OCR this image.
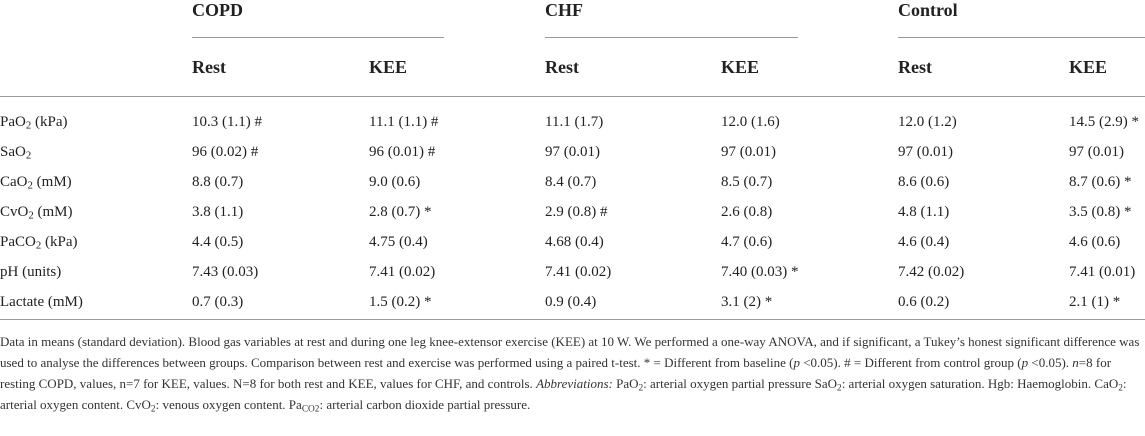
COPD	CHF	Control
Rest	KEE	Rest	KEE	Rest	KEE
PaO$_2$ (kPa)	10.3 (1.1) #	11.1 (1.1) #	11.1 (1.7)	12.0 (1.6)	12.0 (1.2)	14.5 (2.9) *
SaO$_2$	96 (0.02) #	96 (0.01) #	97 (0.01)	97 (0.01)	97 (0.01)	97 (0.01)
CaO$_2$ (mM)	8.8 (0.7)	9.0 (0.6)	8.4 (0.7)	8.5 (0.7)	8.6 (0.6)	8.7 (0.6) *
CvO$_2$ (mM)	3.8 (1.1)	2.8 (0.7) *	2.9 (0.8) #	2.6 (0.8)	4.8 (1.1)	3.5 (0.8) *
PaCO$_2$ (kPa)	4.4 (0.5)	4.75 (0.4)	4.68 (0.4)	4.7 (0.6)	4.6 (0.4)	4.6 (0.6)
pH (units)	7.43 (0.03)	7.41 (0.02)	7.41 (0.02)	7.40 (0.03) *	7.42 (0.02)	7.41 (0.01)
Lactate (mM)	0.7 (0.3)	1.5 (0.2) *	0.9 (0.4)	3.1 (2) *	0.6 (0.2)	2.1 (1) *
Data in means (standard deviation). Blood gas variables at rest and during one leg knee-extensor exercise (KEE) at 10 W. We performed a one-way ANOVA, and if significant, a Tukey’s honest significant difference was used to analyse the differences between groups. Comparison between rest and exercise was performed using a paired t-test. * = Different from baseline (p <0.05). # = Different from control group (p <0.05). n=8 for resting COPD, values, n=7 for KEE, values. N=8 for both rest and KEE, values for CHF, and controls. Abbreviations: PaO$_2$: arterial oxygen partial pressure SaO$_2$: arterial oxygen saturation. Hgb: Haemoglobin. CaO$_2$: arterial oxygen content. CvO$_2$: venous oxygen content. $Pa_{CO2}$: arterial carbon dioxide partial pressure.
